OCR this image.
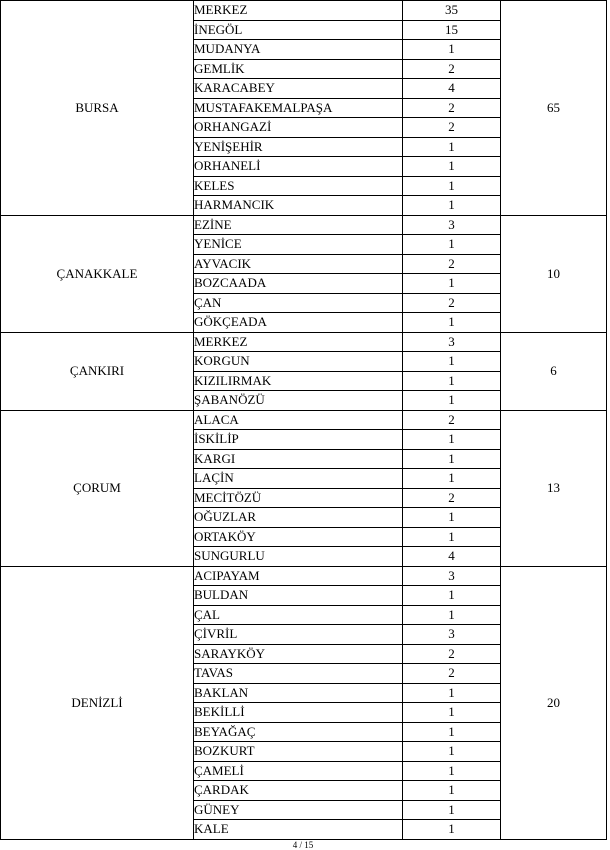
BURSA	MERKEZ	35	65
	İNEGÖL	15	
	MUDANYA	1	
	GEMLİK	2	
	KARACABEY	4	
	MUSTAFAKEMALPAŞA	2	
	ORHANGAZİ	2	
	YENİŞEHİR	1	
	ORHANELİ	1	
	KELES	1	
	HARMANCIK	1	
ÇANAKKALE	EZİNE	3	10
	YENİCE	1	
	AYVACIK	2	
	BOZCAADA	1	
	ÇAN	2	
	GÖKÇEADA	1	
ÇANKIRI	MERKEZ	3	6
	KORGUN	1	
	KIZILIRMAK	1	
	ŞABANÖZÜ	1	
ÇORUM	ALACA	2	13
	İSKİLİP	1	
	KARGI	1	
	LAÇİN	1	
	MECİTÖZÜ	2	
	OĞUZLAR	1	
	ORTAKÖY	1	
	SUNGURLU	4	
DENİZLİ	ACIPAYAM	3	20
	BULDAN	1	
	ÇAL	1	
	ÇİVRİL	3	
	SARAYKÖY	2	
	TAVAS	2	
	BAKLAN	1	
	BEKİLLİ	1	
	BEYAĞAÇ	1	
	BOZKURT	1	
	ÇAMELİ	1	
	ÇARDAK	1	
	GÜNEY	1	
	KALE	1	
4 / 15
